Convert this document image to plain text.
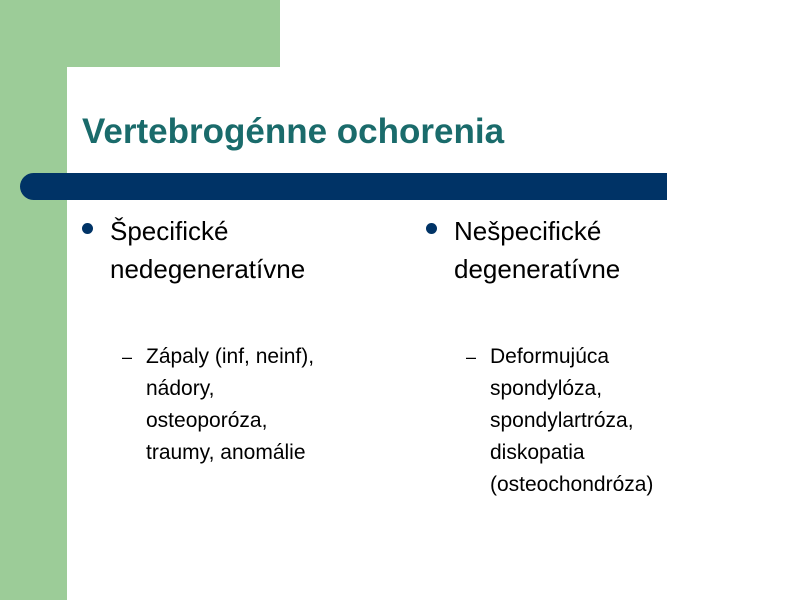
Vertebrogénne ochorenia
Špecifické
nedegeneratívne
– Zápaly (inf, neinf),
nádory,
osteoporóza,
traumy, anomálie
Nešpecifické
degeneratívne
– Deformujúca
spondylóza,
spondylartróza,
diskopatia
(osteochondróza)
